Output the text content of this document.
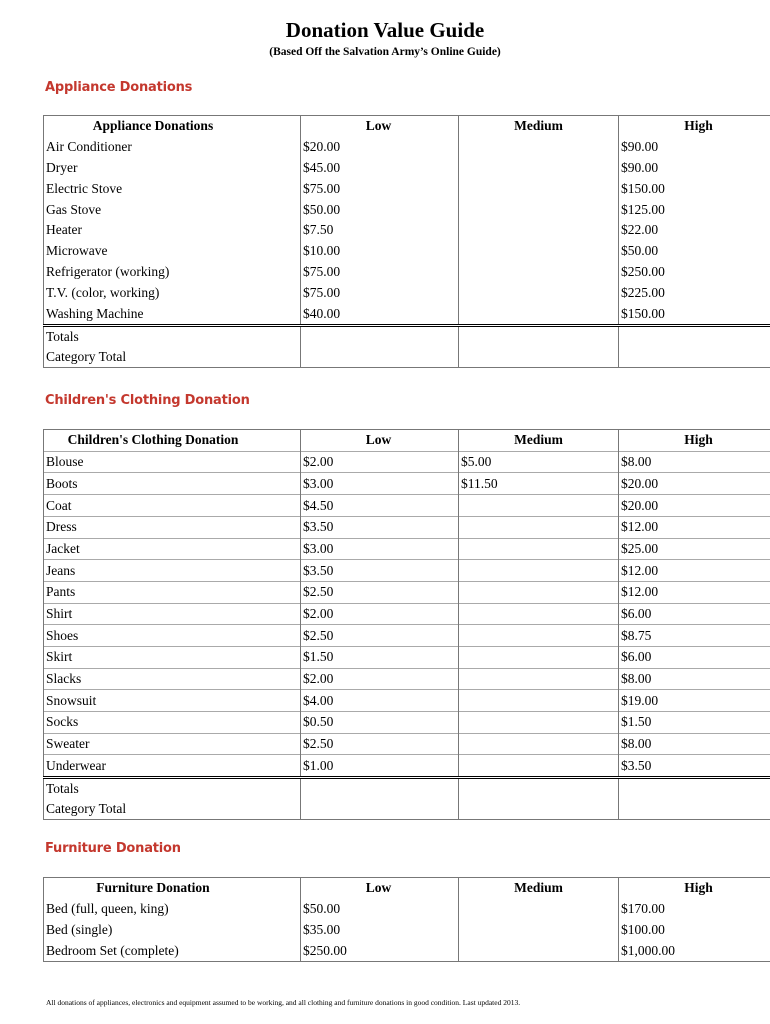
Donation Value Guide
(Based Off the Salvation Army’s Online Guide)
Appliance Donations
Appliance Donations	Low	Medium	High
Air Conditioner	$20.00		$90.00
Dryer	$45.00		$90.00
Electric Stove	$75.00		$150.00
Gas Stove	$50.00		$125.00
Heater	$7.50		$22.00
Microwave	$10.00		$50.00
Refrigerator (working)	$75.00		$250.00
T.V. (color, working)	$75.00		$225.00
Washing Machine	$40.00		$150.00
Totals			
Category Total			
Children's Clothing Donation
Children's Clothing Donation	Low	Medium	High
Blouse	$2.00	$5.00	$8.00
Boots	$3.00	$11.50	$20.00
Coat	$4.50		$20.00
Dress	$3.50		$12.00
Jacket	$3.00		$25.00
Jeans	$3.50		$12.00
Pants	$2.50		$12.00
Shirt	$2.00		$6.00
Shoes	$2.50		$8.75
Skirt	$1.50		$6.00
Slacks	$2.00		$8.00
Snowsuit	$4.00		$19.00
Socks	$0.50		$1.50
Sweater	$2.50		$8.00
Underwear	$1.00		$3.50
Totals			
Category Total			
Furniture Donation
Furniture Donation	Low	Medium	High
Bed (full, queen, king)	$50.00		$170.00
Bed (single)	$35.00		$100.00
Bedroom Set (complete)	$250.00		$1,000.00
All donations of appliances, electronics and equipment assumed to be working, and all clothing and furniture donations in good condition. Last updated 2013.
